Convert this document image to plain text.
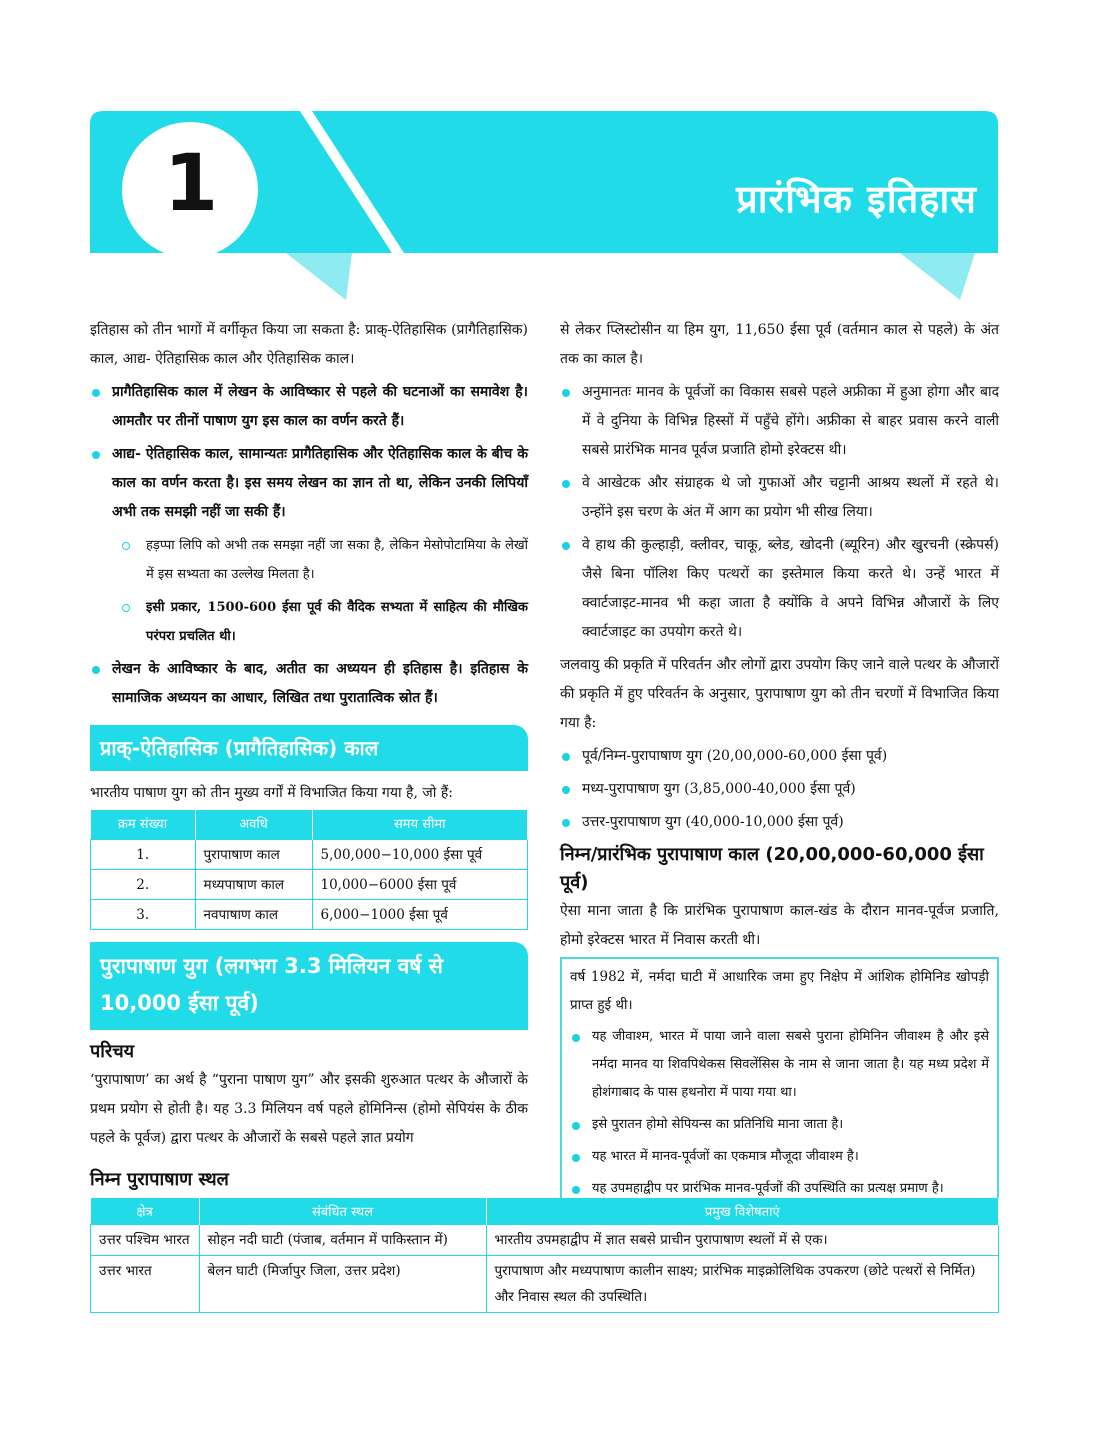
1	प्रारंभिक इतिहास

इतिहास को तीन भागों में वर्गीकृत किया जा सकता है: प्राक्-ऐतिहासिक (प्रागैतिहासिक) काल, आद्य- ऐतिहासिक काल और ऐतिहासिक काल।

प्रागैतिहासिक काल में लेखन के आविष्कार से पहले की घटनाओं का समावेश है। आमतौर पर तीनों पाषाण युग इस काल का वर्णन करते हैं।
आद्य- ऐतिहासिक काल, सामान्यतः प्रागैतिहासिक और ऐतिहासिक काल के बीच के काल का वर्णन करता है। इस समय लेखन का ज्ञान तो था, लेकिन उनकी लिपियाँ अभी तक समझी नहीं जा सकी हैं।
हड़प्पा लिपि को अभी तक समझा नहीं जा सका है, लेकिन मेसोपोटामिया के लेखों में इस सभ्यता का उल्लेख मिलता है।
इसी प्रकार, 1500-600 ईसा पूर्व की वैदिक सभ्यता में साहित्य की मौखिक परंपरा प्रचलित थी।
लेखन के आविष्कार के बाद, अतीत का अध्ययन ही इतिहास है। इतिहास के सामाजिक अध्ययन का आधार, लिखित तथा पुरातात्विक स्रोत हैं।
प्राक्-ऐतिहासिक (प्रागैतिहासिक) काल

भारतीय पाषाण युग को तीन मुख्य वर्गों में विभाजित किया गया है, जो हैं:

क्रम संख्या	अवधि	समय सीमा
1.	पुरापाषाण काल	5,00,000−10,000 ईसा पूर्व
2.	मध्यपाषाण काल	10,000−6000 ईसा पूर्व
3.	नवपाषाण काल	6,000−1000 ईसा पूर्व
पुरापाषाण युग (लगभग 3.3 मिलियन वर्ष से 10,000 ईसा पूर्व)
परिचय

‘पुरापाषाण’ का अर्थ है “पुराना पाषाण युग” और इसकी शुरुआत पत्थर के औजारों के प्रथम प्रयोग से होती है। यह 3.3 मिलियन वर्ष पहले होमिनिन्स (होमो सेपियंस के ठीक पहले के पूर्वज) द्वारा पत्थर के औजारों के सबसे पहले ज्ञात प्रयोग

से लेकर प्लिस्टोसीन या हिम युग, 11,650 ईसा पूर्व (वर्तमान काल से पहले) के अंत तक का काल है।

अनुमानतः मानव के पूर्वजों का विकास सबसे पहले अफ्रीका में हुआ होगा और बाद में वे दुनिया के विभिन्न हिस्सों में पहुँचे होंगे। अफ्रीका से बाहर प्रवास करने वाली सबसे प्रारंभिक मानव पूर्वज प्रजाति होमो इरेक्टस थी।
वे आखेटक और संग्राहक थे जो गुफाओं और चट्टानी आश्रय स्थलों में रहते थे। उन्होंने इस चरण के अंत में आग का प्रयोग भी सीख लिया।
वे हाथ की कुल्हाड़ी, क्लीवर, चाकू, ब्लेड, खोदनी (ब्यूरिन) और खुरचनी (स्क्रेपर्स) जैसे बिना पॉलिश किए पत्थरों का इस्तेमाल किया करते थे। उन्हें भारत में क्वार्टजाइट-मानव भी कहा जाता है क्योंकि वे अपने विभिन्न औजारों के लिए क्वार्टजाइट का उपयोग करते थे।

जलवायु की प्रकृति में परिवर्तन और लोगों द्वारा उपयोग किए जाने वाले पत्थर के औजारों की प्रकृति में हुए परिवर्तन के अनुसार, पुरापाषाण युग को तीन चरणों में विभाजित किया गया है:

पूर्व/निम्न-पुरापाषाण युग (20,00,000-60,000 ईसा पूर्व)
मध्य-पुरापाषाण युग (3,85,000-40,000 ईसा पूर्व)
उत्तर-पुरापाषाण युग (40,000-10,000 ईसा पूर्व)
निम्न/प्रारंभिक पुरापाषाण काल (20,00,000-60,000 ईसा पूर्व)

ऐसा माना जाता है कि प्रारंभिक पुरापाषाण काल-खंड के दौरान मानव-पूर्वज प्रजाति, होमो इरेक्टस भारत में निवास करती थी।

वर्ष 1982 में, नर्मदा घाटी में आधारिक जमा हुए निक्षेप में आंशिक होमिनिड खोपड़ी प्राप्त हुई थी।

यह जीवाश्म, भारत में पाया जाने वाला सबसे पुराना होमिनिन जीवाश्म है और इसे नर्मदा मानव या शिवपिथेकस सिवलेंसिस के नाम से जाना जाता है। यह मध्य प्रदेश में होशंगाबाद के पास हथनोरा में पाया गया था।
इसे पुरातन होमो सेपियन्स का प्रतिनिधि माना जाता है।
यह भारत में मानव-पूर्वजों का एकमात्र मौजूदा जीवाश्म है।
यह उपमहाद्वीप पर प्रारंभिक मानव-पूर्वजों की उपस्थिति का प्रत्यक्ष प्रमाण है।
निम्न पुरापाषाण स्थल
क्षेत्र	संबंधित स्थल	प्रमुख विशेषताएं
उत्तर पश्चिम भारत	सोहन नदी घाटी (पंजाब, वर्तमान में पाकिस्तान में)	भारतीय उपमहाद्वीप में ज्ञात सबसे प्राचीन पुरापाषाण स्थलों में से एक।
उत्तर भारत	बेलन घाटी (मिर्जापुर जिला, उत्तर प्रदेश)	पुरापाषाण और मध्यपाषाण कालीन साक्ष्य; प्रारंभिक माइक्रोलिथिक उपकरण (छोटे पत्थरों से निर्मित) और निवास स्थल की उपस्थिति।
